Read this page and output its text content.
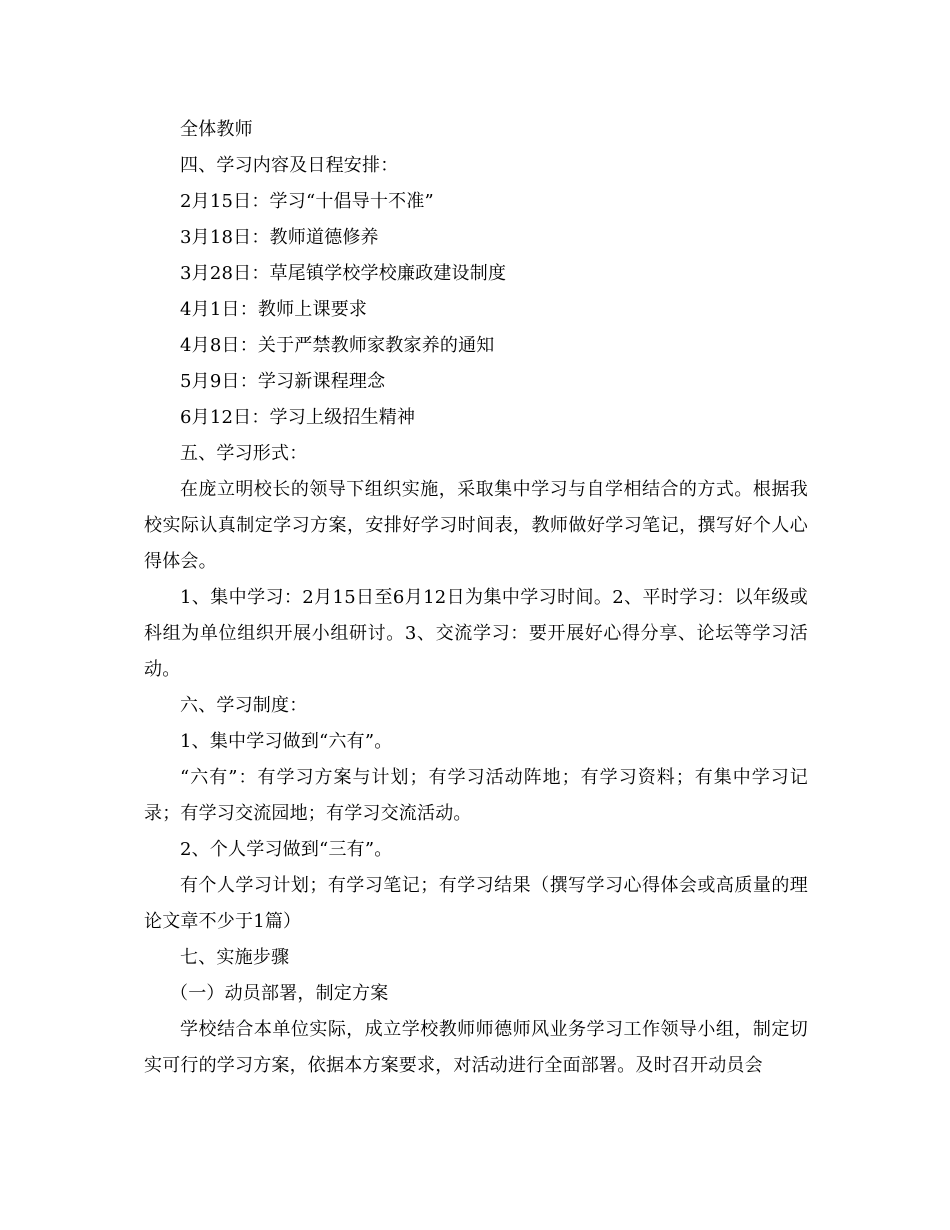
全体教师

四、学习内容及日程安排：

2月15日：学习“十倡导十不准”

3月18日：教师道德修养

3月28日：草尾镇学校学校廉政建设制度

4月1日：教师上课要求

4月8日：关于严禁教师家教家养的通知

5月9日：学习新课程理念

6月12日：学习上级招生精神

五、学习形式：

在庞立明校长的领导下组织实施，采取集中学习与自学相结合的方式。根据我校实际认真制定学习方案，安排好学习时间表，教师做好学习笔记，撰写好个人心得体会。

1、集中学习：2月15日至6月12日为集中学习时间。2、平时学习：以年级或科组为单位组织开展小组研讨。3、交流学习：要开展好心得分享、论坛等学习活动。

六、学习制度：

1、集中学习做到“六有”。

“六有”：有学习方案与计划；有学习活动阵地；有学习资料；有集中学习记录；有学习交流园地；有学习交流活动。

2、个人学习做到“三有”。

有个人学习计划；有学习笔记；有学习结果（撰写学习心得体会或高质量的理论文章不少于1篇）

七、实施步骤

（一）动员部署，制定方案

学校结合本单位实际，成立学校教师师德师风业务学习工作领导小组，制定切实可行的学习方案，依据本方案要求，对活动进行全面部署。及时召开动员会
